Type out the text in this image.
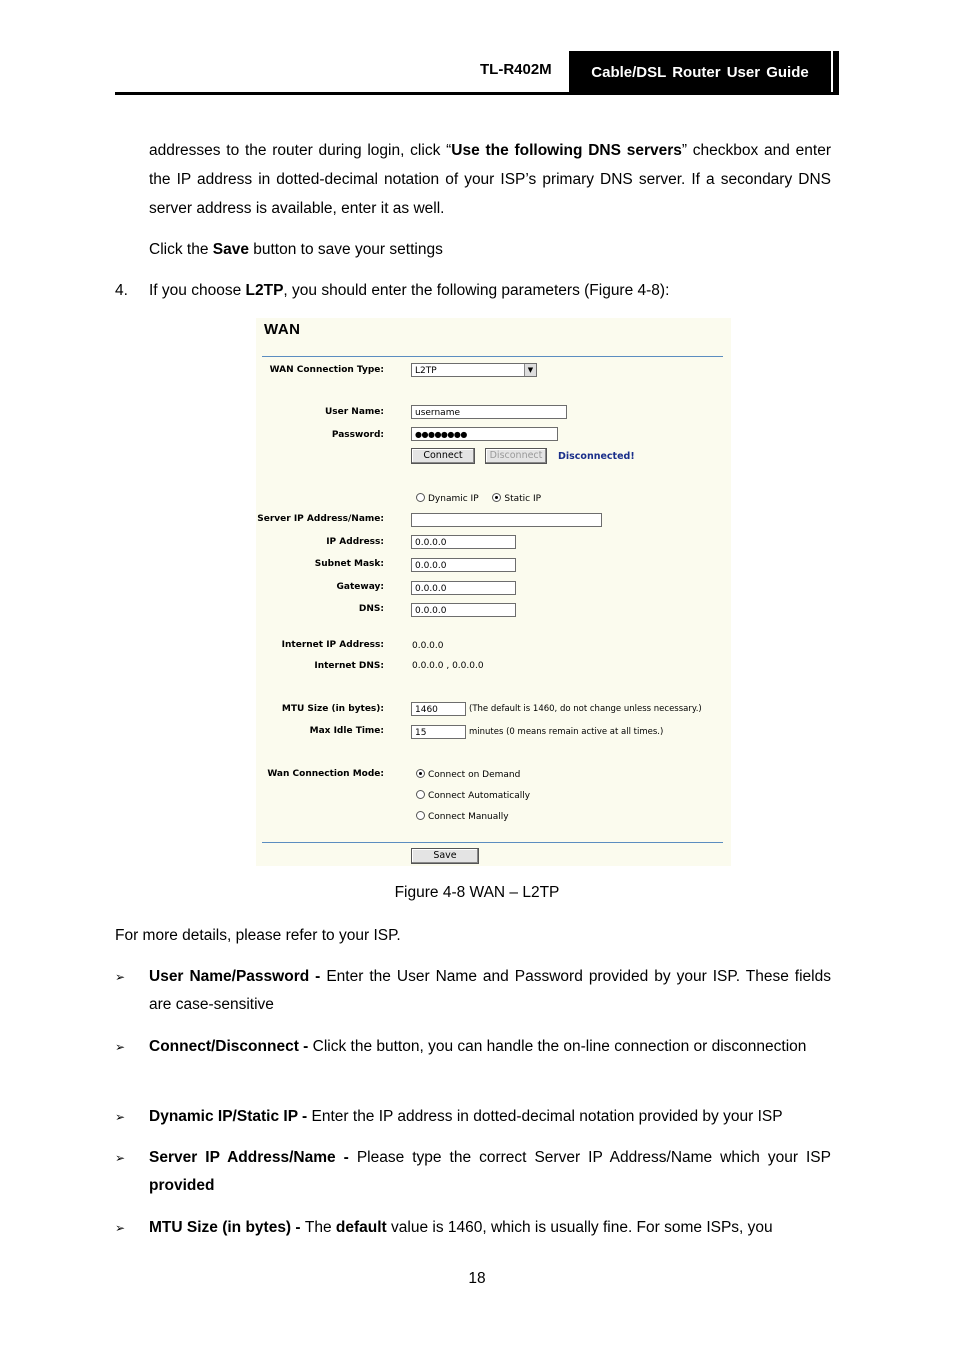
TL-R402M	Cable/DSL Router User Guide
addresses to the router during login, click “Use the following DNS servers” checkbox and enter the IP address in dotted-decimal notation of your ISP’s primary DNS server. If a secondary DNS server address is available, enter it as well.
Click the Save button to save your settings
4. If you choose L2TP, you should enter the following parameters (Figure 4-8):
WAN
WAN Connection Type:	L2TP	▼
User Name:	username
Password:	●●●●●●●●
Connect	Disconnect	Disconnected!
Dynamic IP	Static IP
Server IP Address/Name:
IP Address:	0.0.0.0
Subnet Mask:	0.0.0.0
Gateway:	0.0.0.0
DNS:	0.0.0.0
Internet IP Address:	0.0.0.0
Internet DNS:	0.0.0.0 , 0.0.0.0
MTU Size (in bytes):	1460	(The default is 1460, do not change unless necessary.)
Max Idle Time:	15	minutes (0 means remain active at all times.)
Wan Connection Mode:	Connect on Demand
Connect Automatically
Connect Manually
Save
Figure 4-8 WAN – L2TP
For more details, please refer to your ISP.
➢ User Name/Password - Enter the User Name and Password provided by your ISP. These fields are case-sensitive
➢ Connect/Disconnect - Click the button, you can handle the on-line connection or disconnection
➢ Dynamic IP/Static IP - Enter the IP address in dotted-decimal notation provided by your ISP
➢ Server IP Address/Name - Please type the correct Server IP Address/Name which your ISP provided
➢ MTU Size (in bytes) - The default value is 1460, which is usually fine. For some ISPs, you
18
